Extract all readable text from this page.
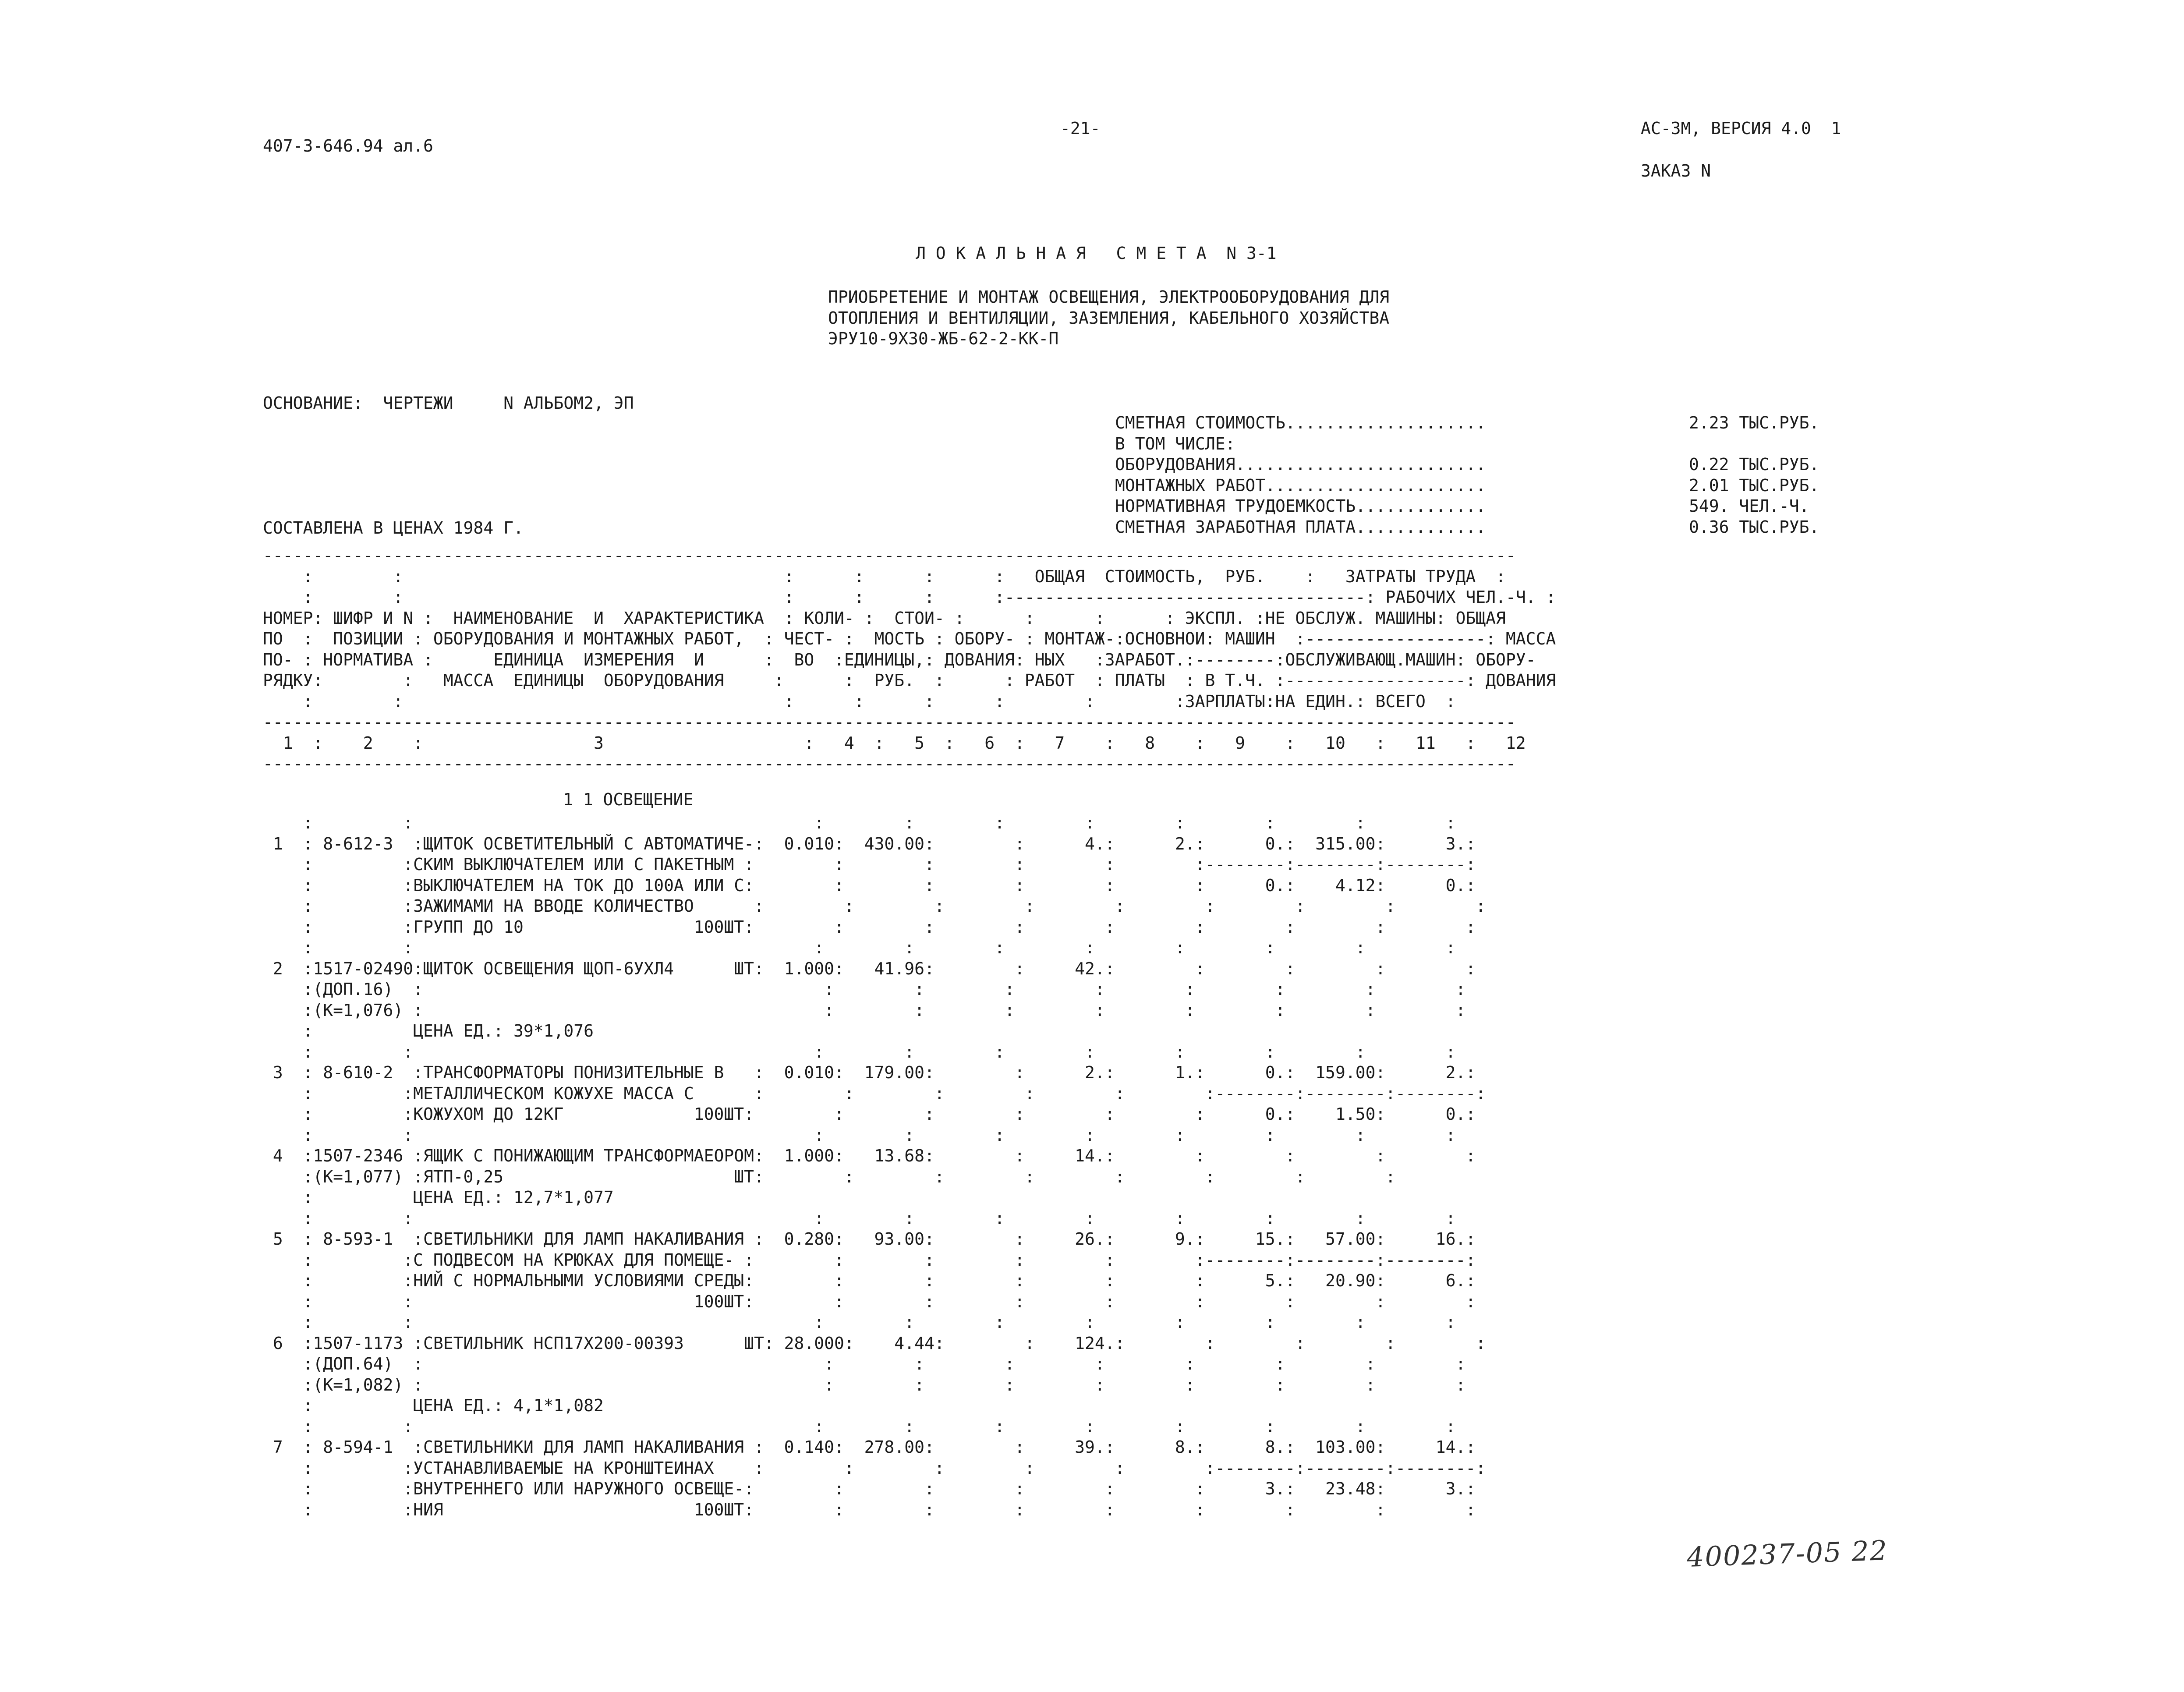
407-3-646.94 ал.6
-21-	АС-3М, ВЕРСИЯ 4.0  1
ЗАКАЗ N
Л О К А Л Ь Н А Я   С М Е Т А  N 3-1
ПРИОБРЕТЕНИЕ И МОНТАЖ ОСВЕЩЕНИЯ, ЭЛЕКТРООБОРУДОВАНИЯ ДЛЯ
ОТОПЛЕНИЯ И ВЕНТИЛЯЦИИ, ЗАЗЕМЛЕНИЯ, КАБЕЛЬНОГО ХОЗЯЙСТВА
ЭРУ10-9Х30-ЖБ-62-2-КК-П
ОСНОВАНИЕ:  ЧЕРТЕЖИ     N АЛЬБОМ2, ЭП
СОСТАВЛЕНА В ЦЕНАХ 1984 Г.
СМЕТНАЯ СТОИМОСТЬ....................
В ТОМ ЧИСЛЕ:
ОБОРУДОВАНИЯ.........................
МОНТАЖНЫХ РАБОТ......................
НОРМАТИВНАЯ ТРУДОЕМКОСТЬ.............
СМЕТНАЯ ЗАРАБОТНАЯ ПЛАТА.............
2.23 ТЫС.РУБ.

0.22 ТЫС.РУБ.
2.01 ТЫС.РУБ.
549. ЧЕЛ.-Ч.
0.36 ТЫС.РУБ.
-----------------------------------------------------------------------------------------------------------------------------
:        :                                      :      :      :      :   ОБЩАЯ  СТОИМОСТЬ,  РУБ.    :   ЗАТРАТЫ ТРУДА  :
:        :                                      :      :      :      :------------------------------------: РАБОЧИХ ЧЕЛ.-Ч. :
НОМЕР: ШИФР И N :  НАИМЕНОВАНИЕ  И  ХАРАКТЕРИСТИКА  : КОЛИ- :  СТОИ- :      :      :      : ЭКСПЛ. :НЕ ОБСЛУЖ. МАШИНЫ: ОБЩАЯ
ПО  :  ПОЗИЦИИ : ОБОРУДОВАНИЯ И МОНТАЖНЫХ РАБОТ,  : ЧЕСТ- :  МОСТЬ : ОБОРУ- : МОНТАЖ-:ОСНОВНОИ: МАШИН  :------------------: МАССА
ПО- : НОРМАТИВА :      ЕДИНИЦА  ИЗМЕРЕНИЯ  И      :  ВО  :ЕДИНИЦЫ,: ДОВАНИЯ: НЫХ   :ЗАРАБОТ.:--------:ОБСЛУЖИВАЮЩ.МАШИН: ОБОРУ-
РЯДКУ:        :   МАССА  ЕДИНИЦЫ  ОБОРУДОВАНИЯ     :      :  РУБ.  :      : РАБОТ  : ПЛАТЫ  : В Т.Ч. :------------------: ДОВАНИЯ
:        :                                      :      :      :      :        :        :ЗАРПЛАТЫ:НА ЕДИН.: ВСЕГО  :
-----------------------------------------------------------------------------------------------------------------------------
1  :    2    :                 3                    :   4  :   5  :   6  :   7    :   8    :   9    :   10   :   11   :   12
-----------------------------------------------------------------------------------------------------------------------------
1 1 ОСВЕЩЕНИЕ
:         :                                        :        :        :        :        :        :        :        :
1  : 8-612-3  :ЩИТОК ОСВЕТИТЕЛЬНЫЙ С АВТОМАТИЧЕ-:  0.010:  430.00:        :      4.:      2.:      0.:  315.00:      3.:
:         :СКИМ ВЫКЛЮЧАТЕЛЕМ ИЛИ С ПАКЕТНЫМ :        :        :        :        :        :--------:--------:--------:
:         :ВЫКЛЮЧАТЕЛЕМ НА ТОК ДО 100А ИЛИ С:        :        :        :        :        :      0.:    4.12:      0.:
:         :ЗАЖИМАМИ НА ВВОДЕ КОЛИЧЕСТВО      :        :        :        :        :        :        :        :        :
:         :ГРУПП ДО 10                 100ШТ:        :        :        :        :        :        :        :        :
:         :                                        :        :        :        :        :        :        :        :
2  :1517-02490:ЩИТОК ОСВЕЩЕНИЯ ЩОП-6УХЛ4      ШТ:  1.000:   41.96:        :     42.:        :        :        :        :
:(ДОП.16)  :                                        :        :        :        :        :        :        :        :
:(К=1,076) :                                        :        :        :        :        :        :        :        :
:          ЦЕНА ЕД.: 39*1,076
:         :                                        :        :        :        :        :        :        :        :
3  : 8-610-2  :ТРАНСФОРМАТОРЫ ПОНИЗИТЕЛЬНЫЕ В   :  0.010:  179.00:        :      2.:      1.:      0.:  159.00:      2.:
:         :МЕТАЛЛИЧЕСКОМ КОЖУХЕ МАССА С      :        :        :        :        :        :--------:--------:--------:
:         :КОЖУХОМ ДО 12КГ             100ШТ:        :        :        :        :        :      0.:    1.50:      0.:
:         :                                        :        :        :        :        :        :        :        :
4  :1507-2346 :ЯЩИК С ПОНИЖАЮЩИМ ТРАНСФОРМАЕОРОМ:  1.000:   13.68:        :     14.:        :        :        :        :
:(К=1,077) :ЯТП-0,25                       ШТ:        :        :        :        :        :        :        :
:          ЦЕНА ЕД.: 12,7*1,077
:         :                                        :        :        :        :        :        :        :        :
5  : 8-593-1  :СВЕТИЛЬНИКИ ДЛЯ ЛАМП НАКАЛИВАНИЯ :  0.280:   93.00:        :     26.:      9.:     15.:   57.00:     16.:
:         :С ПОДВЕСОМ НА КРЮКАХ ДЛЯ ПОМЕЩЕ- :        :        :        :        :        :--------:--------:--------:
:         :НИЙ С НОРМАЛЬНЫМИ УСЛОВИЯМИ СРЕДЫ:        :        :        :        :        :      5.:   20.90:      6.:
:         :                            100ШТ:        :        :        :        :        :        :        :        :
:         :                                        :        :        :        :        :        :        :        :
6  :1507-1173 :СВЕТИЛЬНИК НСП17Х200-00393      ШТ: 28.000:    4.44:        :    124.:        :        :        :        :
:(ДОП.64)  :                                        :        :        :        :        :        :        :        :
:(К=1,082) :                                        :        :        :        :        :        :        :        :
:          ЦЕНА ЕД.: 4,1*1,082
:         :                                        :        :        :        :        :        :        :        :
7  : 8-594-1  :СВЕТИЛЬНИКИ ДЛЯ ЛАМП НАКАЛИВАНИЯ :  0.140:  278.00:        :     39.:      8.:      8.:  103.00:     14.:
:         :УСТАНАВЛИВАЕМЫЕ НА КРОНШТЕИНАХ    :        :        :        :        :        :--------:--------:--------:
:         :ВНУТРЕННЕГО ИЛИ НАРУЖНОГО ОСВЕЩЕ-:        :        :        :        :        :      3.:   23.48:      3.:
:         :НИЯ                         100ШТ:        :        :        :        :        :        :        :        :
400237-05 22
